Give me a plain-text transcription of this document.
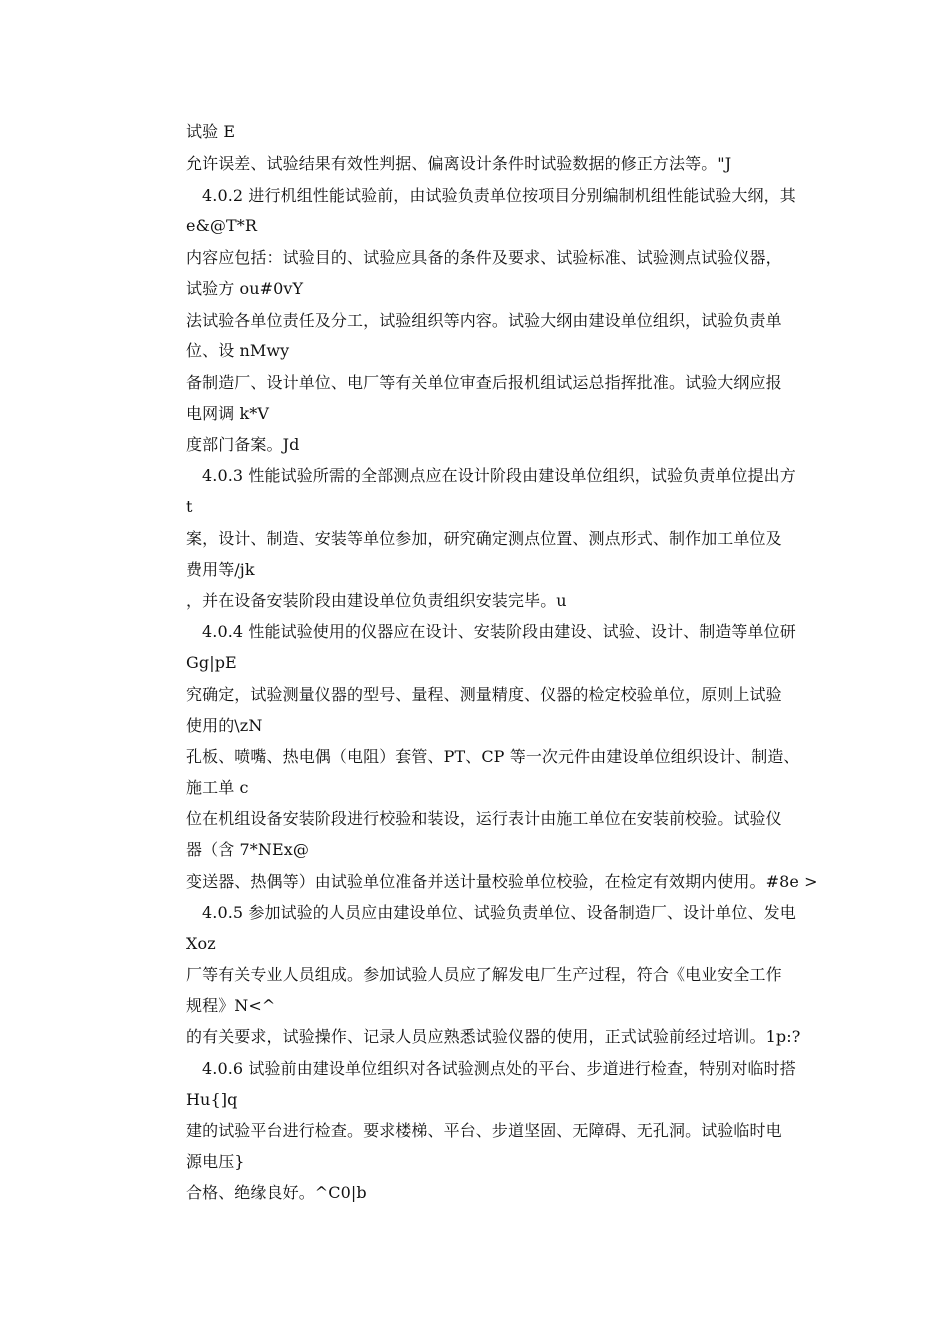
试验 E
允许误差、试验结果有效性判据、偏离设计条件时试验数据的修正方法等。"J
4.0.2 进行机组性能试验前，由试验负责单位按项目分别编制机组性能试验大纲，其
e&@T*R
内容应包括：试验目的、试验应具备的条件及要求、试验标准、试验测点试验仪器，
试验方 ou#0vY
法试验各单位责任及分工，试验组织等内容。试验大纲由建设单位组织，试验负责单
位、设 nMwy
备制造厂、设计单位、电厂等有关单位审查后报机组试运总指挥批准。试验大纲应报
电网调 k*V
度部门备案。Jd
4.0.3 性能试验所需的全部测点应在设计阶段由建设单位组织，试验负责单位提出方
t
案，设计、制造、安装等单位参加，研究确定测点位置、测点形式、制作加工单位及
费用等/jk
，并在设备安装阶段由建设单位负责组织安装完毕。u
4.0.4 性能试验使用的仪器应在设计、安装阶段由建设、试验、设计、制造等单位研
Gg|pE
究确定，试验测量仪器的型号、量程、测量精度、仪器的检定校验单位，原则上试验
使用的\zN
孔板、喷嘴、热电偶（电阻）套管、PT、CP 等一次元件由建设单位组织设计、制造、
施工单 c
位在机组设备安装阶段进行校验和装设，运行表计由施工单位在安装前校验。试验仪
器（含 7*NEx@
变送器、热偶等）由试验单位准备并送计量校验单位校验，在检定有效期内使用。#8e >
4.0.5 参加试验的人员应由建设单位、试验负责单位、设备制造厂、设计单位、发电
Xoz
厂等有关专业人员组成。参加试验人员应了解发电厂生产过程，符合《电业安全工作
规程》N<^
的有关要求，试验操作、记录人员应熟悉试验仪器的使用，正式试验前经过培训。1p:?
4.0.6 试验前由建设单位组织对各试验测点处的平台、步道进行检查，特别对临时搭
Hu{]q
建的试验平台进行检查。要求楼梯、平台、步道坚固、无障碍、无孔洞。试验临时电
源电压}
合格、绝缘良好。^C0|b
